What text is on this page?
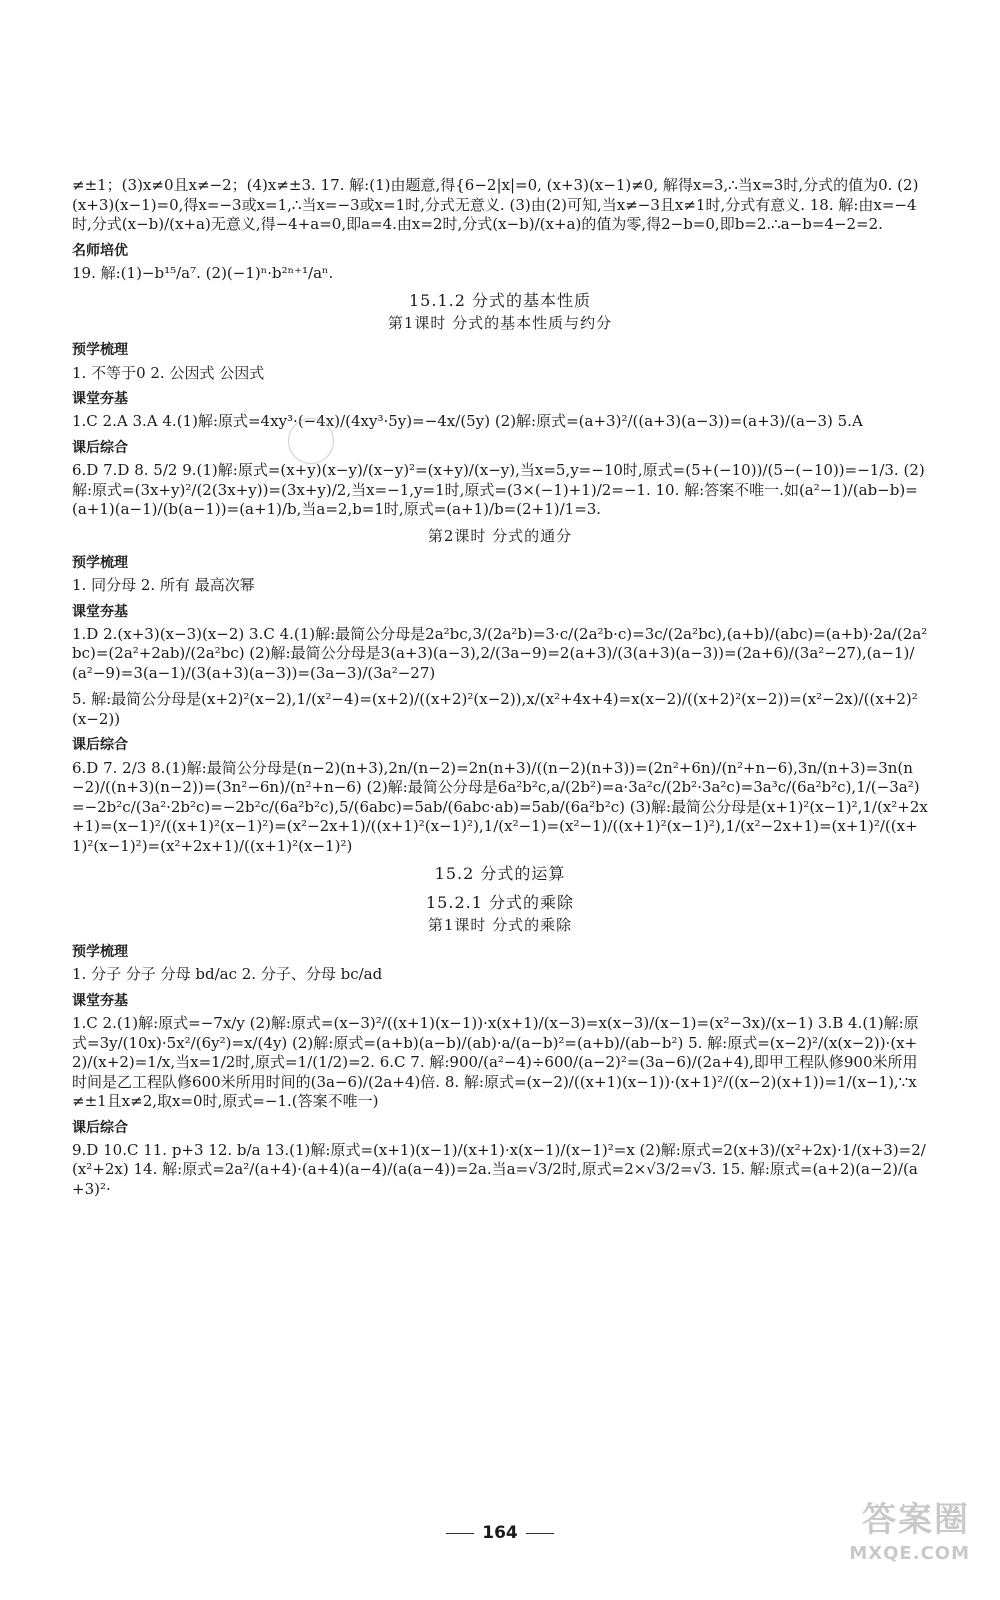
≠±1；(3)x≠0且x≠−2；(4)x≠±3. 17. 解:(1)由题意,得{6−2|x|=0, (x+3)(x−1)≠0, 解得x=3,∴当x=3时,分式的值为0. (2)(x+3)(x−1)=0,得x=−3或x=1,∴当x=−3或x=1时,分式无意义. (3)由(2)可知,当x≠−3且x≠1时,分式有意义. 18. 解:由x=−4时,分式(x−b)/(x+a)无意义,得−4+a=0,即a=4.由x=2时,分式(x−b)/(x+a)的值为零,得2−b=0,即b=2.∴a−b=4−2=2.
名师培优
19. 解:(1)−b¹⁵/a⁷. (2)(−1)ⁿ·b²ⁿ⁺¹/aⁿ.
15.1.2 分式的基本性质
第1课时 分式的基本性质与约分
预学梳理
1. 不等于0 2. 公因式 公因式
课堂夯基
1.C 2.A 3.A 4.(1)解:原式=4xy³·(−4x)/(4xy³·5y)=−4x/(5y) (2)解:原式=(a+3)²/((a+3)(a−3))=(a+3)/(a−3) 5.A
课后综合
6.D 7.D 8. 5/2 9.(1)解:原式=(x+y)(x−y)/(x−y)²=(x+y)/(x−y),当x=5,y=−10时,原式=(5+(−10))/(5−(−10))=−1/3. (2)解:原式=(3x+y)²/(2(3x+y))=(3x+y)/2,当x=−1,y=1时,原式=(3×(−1)+1)/2=−1. 10. 解:答案不唯一.如(a²−1)/(ab−b)=(a+1)(a−1)/(b(a−1))=(a+1)/b,当a=2,b=1时,原式=(a+1)/b=(2+1)/1=3.
第2课时 分式的通分
预学梳理
1. 同分母 2. 所有 最高次幂
课堂夯基
1.D 2.(x+3)(x−3)(x−2) 3.C 4.(1)解:最简公分母是2a²bc,3/(2a²b)=3·c/(2a²b·c)=3c/(2a²bc),(a+b)/(abc)=(a+b)·2a/(2a²bc)=(2a²+2ab)/(2a²bc) (2)解:最简公分母是3(a+3)(a−3),2/(3a−9)=2(a+3)/(3(a+3)(a−3))=(2a+6)/(3a²−27),(a−1)/(a²−9)=3(a−1)/(3(a+3)(a−3))=(3a−3)/(3a²−27)
5. 解:最简公分母是(x+2)²(x−2),1/(x²−4)=(x+2)/((x+2)²(x−2)),x/(x²+4x+4)=x(x−2)/((x+2)²(x−2))=(x²−2x)/((x+2)²(x−2))
课后综合
6.D 7. 2/3 8.(1)解:最简公分母是(n−2)(n+3),2n/(n−2)=2n(n+3)/((n−2)(n+3))=(2n²+6n)/(n²+n−6),3n/(n+3)=3n(n−2)/((n+3)(n−2))=(3n²−6n)/(n²+n−6) (2)解:最简公分母是6a²b²c,a/(2b²)=a·3a²c/(2b²·3a²c)=3a³c/(6a²b²c),1/(−3a²)=−2b²c/(3a²·2b²c)=−2b²c/(6a²b²c),5/(6abc)=5ab/(6abc·ab)=5ab/(6a²b²c) (3)解:最简公分母是(x+1)²(x−1)²,1/(x²+2x+1)=(x−1)²/((x+1)²(x−1)²)=(x²−2x+1)/((x+1)²(x−1)²),1/(x²−1)=(x²−1)/((x+1)²(x−1)²),1/(x²−2x+1)=(x+1)²/((x+1)²(x−1)²)=(x²+2x+1)/((x+1)²(x−1)²)
15.2 分式的运算
15.2.1 分式的乘除
第1课时 分式的乘除
预学梳理
1. 分子 分子 分母 bd/ac 2. 分子、分母 bc/ad
课堂夯基
1.C 2.(1)解:原式=−7x/y (2)解:原式=(x−3)²/((x+1)(x−1))·x(x+1)/(x−3)=x(x−3)/(x−1)=(x²−3x)/(x−1) 3.B 4.(1)解:原式=3y/(10x)·5x²/(6y²)=x/(4y) (2)解:原式=(a+b)(a−b)/(ab)·a/(a−b)²=(a+b)/(ab−b²) 5. 解:原式=(x−2)²/(x(x−2))·(x+2)/(x+2)=1/x,当x=1/2时,原式=1/(1/2)=2. 6.C 7. 解:900/(a²−4)÷600/(a−2)²=(3a−6)/(2a+4),即甲工程队修900米所用时间是乙工程队修600米所用时间的(3a−6)/(2a+4)倍. 8. 解:原式=(x−2)/((x+1)(x−1))·(x+1)²/((x−2)(x+1))=1/(x−1),∵x≠±1且x≠2,取x=0时,原式=−1.(答案不唯一)
课后综合
9.D 10.C 11. p+3 12. b/a 13.(1)解:原式=(x+1)(x−1)/(x+1)·x(x−1)/(x−1)²=x (2)解:原式=2(x+3)/(x²+2x)·1/(x+3)=2/(x²+2x) 14. 解:原式=2a²/(a+4)·(a+4)(a−4)/(a(a−4))=2a.当a=√3/2时,原式=2×√3/2=√3. 15. 解:原式=(a+2)(a−2)/(a+3)²·
164	答案圈
MXQE.COM
